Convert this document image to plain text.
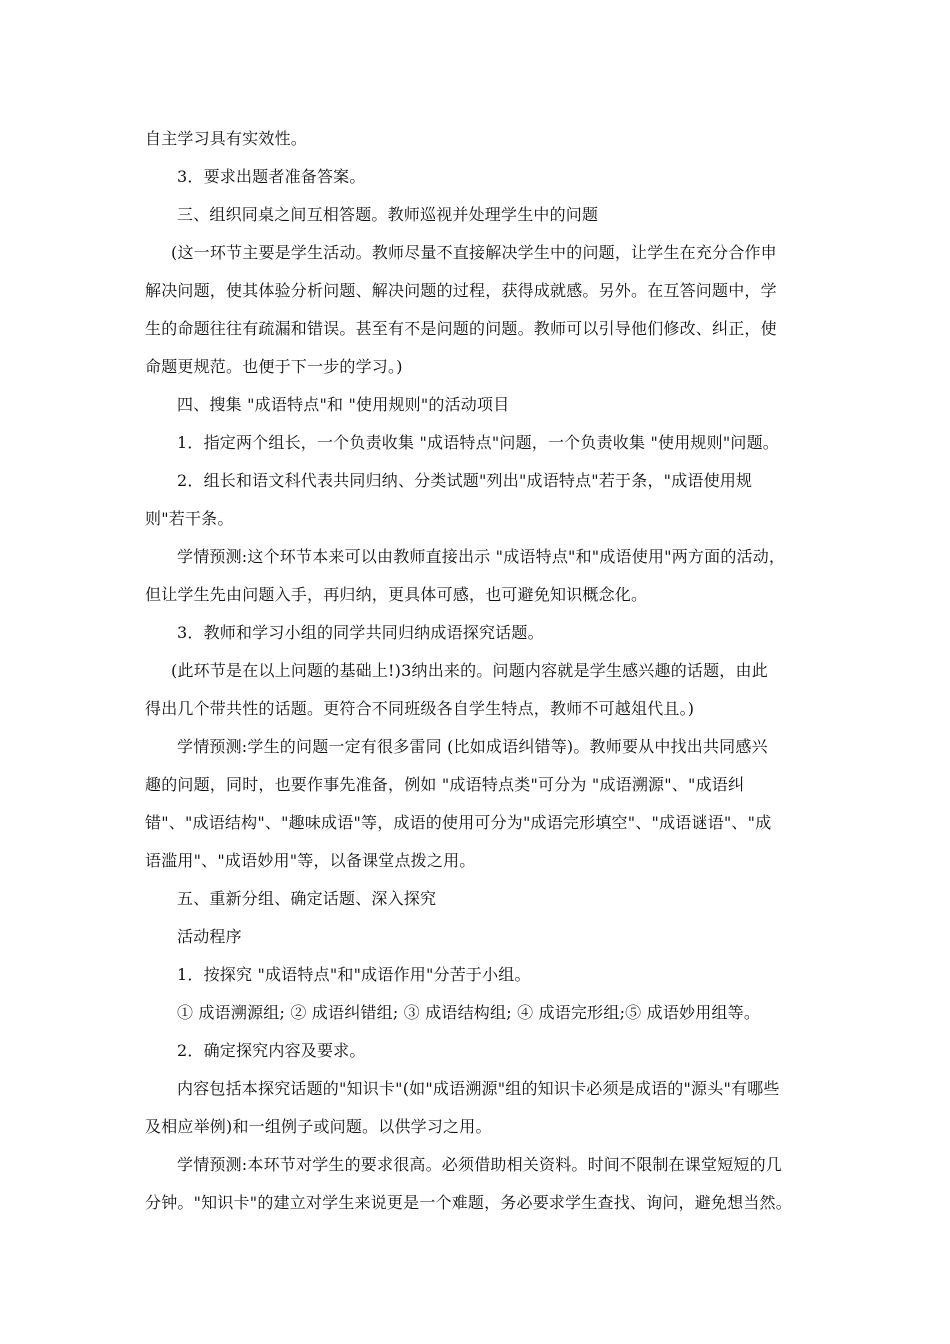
自主学习具有实效性。
3．要求出题者准备答案。
三、组织同桌之间互相答题。教师巡视并处理学生中的问题
(这一环节主要是学生活动。教师尽量不直接解决学生中的问题，让学生在充分合作申
解决问题，使其体验分析问题、解决问题的过程，获得成就感。另外。在互答问题中，学
生的命题往往有疏漏和错误。甚至有不是问题的问题。教师可以引导他们修改、纠正，使
命题更规范。也便于下一步的学习。)
四、搜集 "成语特点"和 "使用规则"的活动项目
1．指定两个组长，一个负责收集 "成语特点"问题，一个负责收集 "使用规则"问题。
2．组长和语文科代表共同归纳、分类试题"列出"成语特点"若于条，"成语使用规
则"若干条。
学情预测:这个环节本来可以由教师直接出示 "成语特点"和"成语使用"两方面的活动，
但让学生先由问题入手，再归纳，更具体可感，也可避免知识概念化。
3．教师和学习小组的同学共同归纳成语探究话题。
(此环节是在以上问题的基础上!)3纳出来的。问题内容就是学生感兴趣的话题，由此
得出几个带共性的话题。更符合不同班级各自学生特点，教师不可越俎代且。)
学情预测:学生的问题一定有很多雷同 (比如成语纠错等)。教师要从中找出共同感兴
趣的问题，同时，也要作事先准备，例如 "成语特点类"可分为 "成语溯源"、"成语纠
错"、"成语结构"、"趣味成语"等，成语的使用可分为"成语完形填空"、"成语谜语"、"成
语滥用"、"成语妙用"等，以备课堂点拨之用。
五、重新分组、确定话题、深入探究
活动程序
1．按探究 "成语特点"和"成语作用"分苦于小组。
① 成语溯源组; ② 成语纠错组; ③ 成语结构组; ④ 成语完形组;⑤ 成语妙用组等。
2．确定探究内容及要求。
内容包括本探究话题的"知识卡"(如"成语溯源"组的知识卡必须是成语的"源头"有哪些
及相应举例)和一组例子或问题。以供学习之用。
学情预测:本环节对学生的要求很高。必须借助相关资料。时间不限制在课堂短短的几
分钟。"知识卡"的建立对学生来说更是一个难题，务必要求学生查找、询问，避免想当然。
